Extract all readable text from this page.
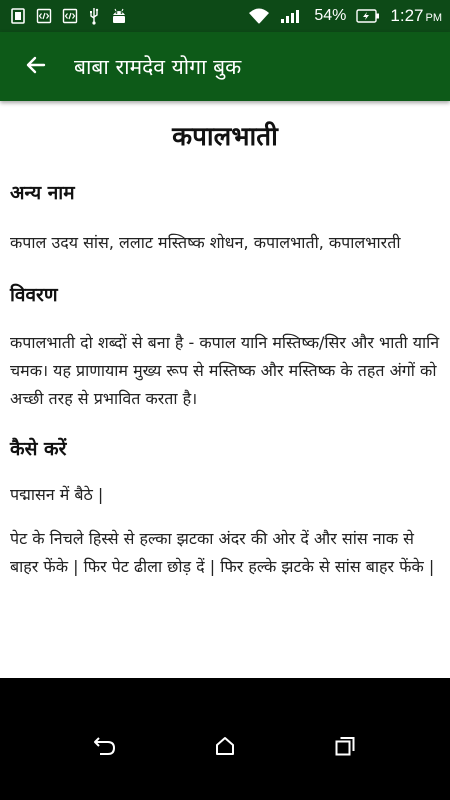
54%	1:27 PM
बाबा रामदेव योगा बुक
कपालभाती
अन्य नाम
कपाल उदय सांस, ललाट मस्तिष्क शोधन, कपालभाती, कपालभारती
विवरण
कपालभाती दो शब्दों से बना है - कपाल यानि मस्तिष्क/सिर और भाती यानि चमक। यह प्राणायाम मुख्य रूप से मस्तिष्क और मस्तिष्क के तहत अंगों को अच्छी तरह से प्रभावित करता है।
कैसे करें
पद्मासन में बैठे |
पेट के निचले हिस्से से हल्का झटका अंदर की ओर दें और सांस नाक से बाहर फेंके | फिर पेट ढीला छोड़ दें | फिर हल्के झटके से सांस बाहर फेंके |
